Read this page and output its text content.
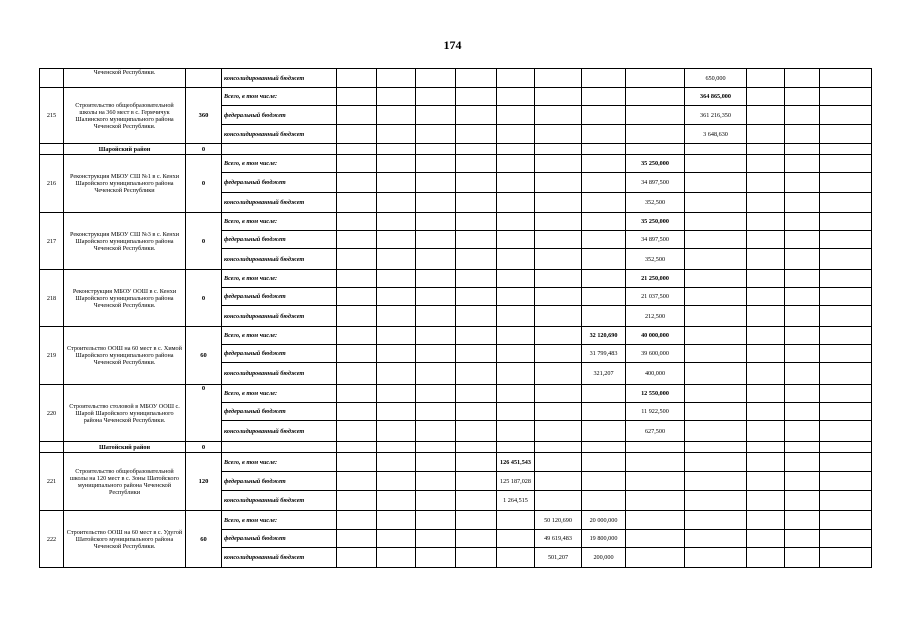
174
	Чеченской Республики.		консолидированный бюджет									650,000			
215	Строительство общеобразовательной школы на 360 мест в с. Гермчичук Шалинского муниципального района Чеченской Республики.	360	Всего, в том числе:									364 865,000			
			федеральный бюджет									361 216,350			
			консолидированный бюджет									3 648,630			
	Шаройский район	0													
216	Реконструкция МБОУ СШ №1 в с. Кенхи Шаройского муниципального района Чеченской Республики	0	Всего, в том числе:								35 250,000				
			федеральный бюджет								34 897,500				
			консолидированный бюджет								352,500				
217	Реконструкция МБОУ СШ №3 в с. Кенхи Шаройского муниципального района Чеченской Республики.	0	Всего, в том числе:								35 250,000				
			федеральный бюджет								34 897,500				
			консолидированный бюджет								352,500				
218	Реконструкция МБОУ ООШ в с. Кенхи Шаройского муниципального района Чеченской Республики.	0	Всего, в том числе:								21 250,000				
			федеральный бюджет								21 037,500				
			консолидированный бюджет								212,500				
219	Строительство ООШ на 60 мест в с. Химой Шаройского муниципального района Чеченской Республики.	60	Всего, в том числе:							32 120,690	40 000,000				
			федеральный бюджет							31 799,483	39 600,000				
			консолидированный бюджет							321,207	400,000				
220	Строительство столовой в МБОУ ООШ с. Шарой Шаройского муниципального района Чеченской Республики.	0	Всего, в том числе:								12 550,000				
			федеральный бюджет								11 922,500				
			консолидированный бюджет								627,500				
	Шатойский район	0													
221	Строительство общеобразовательной школы на 120 мест в с. Зоны Шатойского муниципального района Чеченской Республики	120	Всего, в том числе:					126 451,543							
			федеральный бюджет					125 187,028							
			консолидированный бюджет					1 264,515							
222	Строительство ООШ на 60 мест в с. Удугой Шатойского муниципального района Чеченской Республики.	60	Всего, в том числе:						50 120,690	20 000,000					
			федеральный бюджет						49 619,483	19 800,000					
			консолидированный бюджет						501,207	200,000					
